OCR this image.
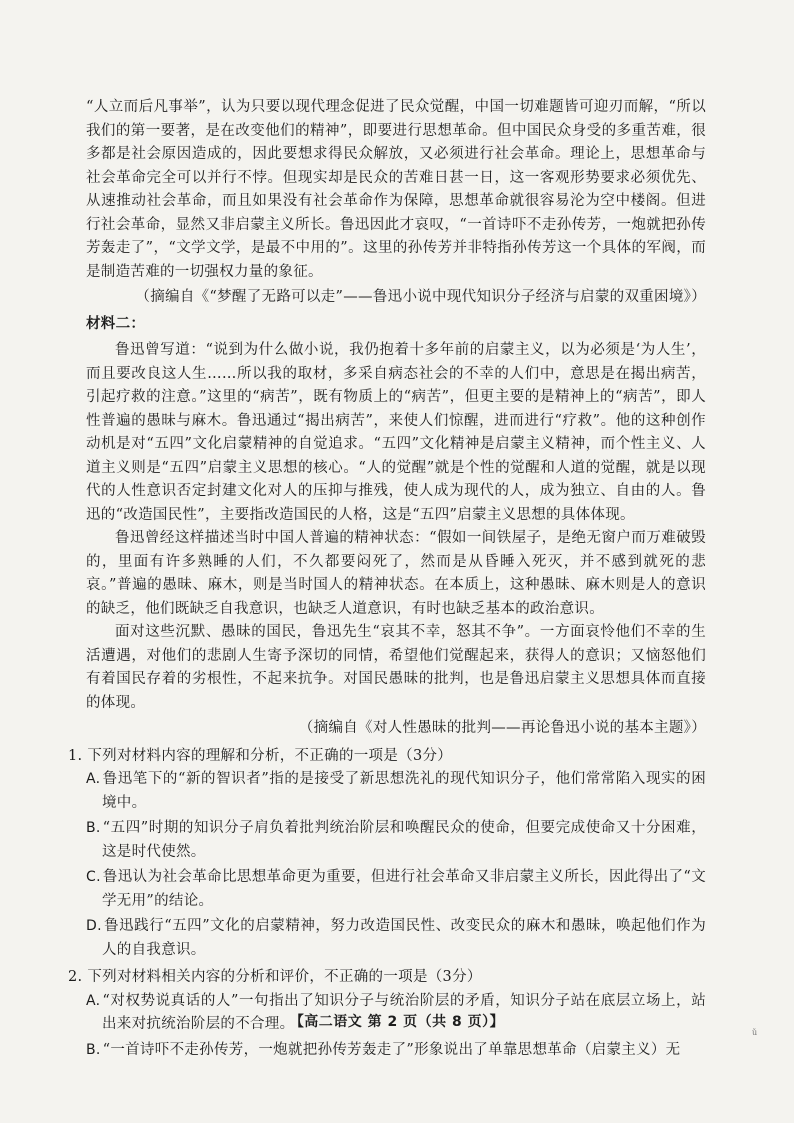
“人立而后凡事举”，认为只要以现代理念促进了民众觉醒，中国一切难题皆可迎刃而解，“所以我们的第一要著，是在改变他们的精神”，即要进行思想革命。但中国民众身受的多重苦难，很多都是社会原因造成的，因此要想求得民众解放，又必须进行社会革命。理论上，思想革命与社会革命完全可以并行不悖。但现实却是民众的苦难日甚一日，这一客观形势要求必须优先、从速推动社会革命，而且如果没有社会革命作为保障，思想革命就很容易沦为空中楼阁。但进行社会革命，显然又非启蒙主义所长。鲁迅因此才哀叹，“一首诗吓不走孙传芳，一炮就把孙传芳轰走了”，“文学文学，是最不中用的”。这里的孙传芳并非特指孙传芳这一个具体的军阀，而是制造苦难的一切强权力量的象征。

（摘编自《“梦醒了无路可以走”——鲁迅小说中现代知识分子经济与启蒙的双重困境》）

材料二：

鲁迅曾写道：“说到为什么做小说，我仍抱着十多年前的启蒙主义，以为必须是‘为人生’，而且要改良这人生……所以我的取材，多采自病态社会的不幸的人们中，意思是在揭出病苦，引起疗救的注意。”这里的“病苦”，既有物质上的“病苦”，但更主要的是精神上的“病苦”，即人性普遍的愚昧与麻木。鲁迅通过“揭出病苦”，来使人们惊醒，进而进行“疗救”。他的这种创作动机是对“五四”文化启蒙精神的自觉追求。“五四”文化精神是启蒙主义精神，而个性主义、人道主义则是“五四”启蒙主义思想的核心。“人的觉醒”就是个性的觉醒和人道的觉醒，就是以现代的人性意识否定封建文化对人的压抑与推残，使人成为现代的人，成为独立、自由的人。鲁迅的“改造国民性”，主要指改造国民的人格，这是“五四”启蒙主义思想的具体体现。

鲁迅曾经这样描述当时中国人普遍的精神状态：“假如一间铁屋子，是绝无窗户而万难破毁的，里面有许多熟睡的人们，不久都要闷死了，然而是从昏睡入死灭，并不感到就死的悲哀。”普遍的愚昧、麻木，则是当时国人的精神状态。在本质上，这种愚昧、麻木则是人的意识的缺乏，他们既缺乏自我意识，也缺乏人道意识，有时也缺乏基本的政治意识。

面对这些沉默、愚昧的国民，鲁迅先生“哀其不幸，怒其不争”。一方面哀怜他们不幸的生活遭遇，对他们的悲剧人生寄予深切的同情，希望他们觉醒起来，获得人的意识；又恼怒他们有着国民存着的劣根性，不起来抗争。对国民愚昧的批判，也是鲁迅启蒙主义思想具体而直接的体现。

（摘编自《对人性愚昧的批判——再论鲁迅小说的基本主题》）

1. 下列对材料内容的理解和分析，不正确的一项是（3分）

A. 鲁迅笔下的“新的智识者”指的是接受了新思想洗礼的现代知识分子，他们常常陷入现实的困境中。

B. “五四”时期的知识分子肩负着批判统治阶层和唤醒民众的使命，但要完成使命又十分困难，这是时代使然。

C. 鲁迅认为社会革命比思想革命更为重要，但进行社会革命又非启蒙主义所长，因此得出了“文学无用”的结论。

D. 鲁迅践行“五四”文化的启蒙精神，努力改造国民性、改变民众的麻木和愚昧，唤起他们作为人的自我意识。

2. 下列对材料相关内容的分析和评价，不正确的一项是（3分）

A. “对权势说真话的人”一句指出了知识分子与统治阶层的矛盾，知识分子站在底层立场上，站出来对抗统治阶层的不合理。

B. “一首诗吓不走孙传芳，一炮就把孙传芳轰走了”形象说出了单靠思想革命（启蒙主义）无

【高二语文 第 2 页（共 8 页）】
ǔ
